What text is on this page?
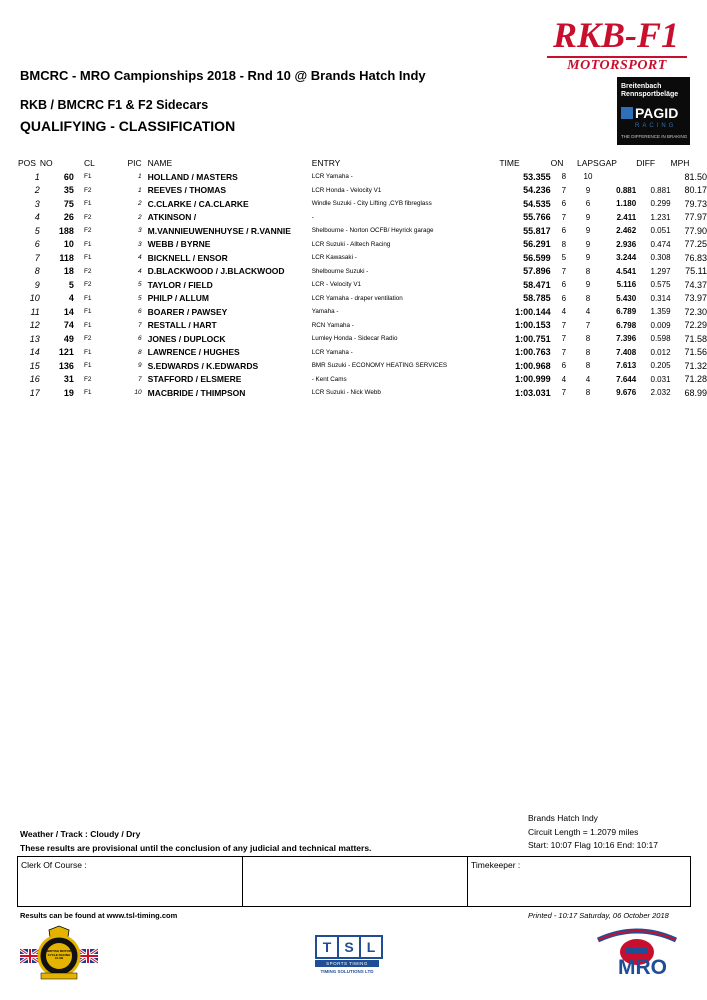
BMCRC - MRO Campionships 2018 - Rnd 10 @ Brands Hatch Indy
RKB / BMCRC F1 & F2 Sidecars
QUALIFYING - CLASSIFICATION
RKB-F1
MOTORSPORT
Breitenbach
Rennsportbeläge
PAGID
RACING
THE DIFFERENCE IN BRAKING
POS	NO	CL	PIC	NAME	ENTRY	TIME	ON	LAPS	GAP	DIFF	MPH
1	60	F1	1	HOLLAND / MASTERS	LCR Yamaha -	53.355	8	10			81.50
2	35	F2	1	REEVES / THOMAS	LCR Honda - Velocity V1	54.236	7	9	0.881	0.881	80.17
3	75	F1	2	C.CLARKE / CA.CLARKE	Windle Suzuki - City Lifting ,CYB fibreglass	54.535	6	6	1.180	0.299	79.73
4	26	F2	2	ATKINSON /	-	55.766	7	9	2.411	1.231	77.97
5	188	F2	3	M.VANNIEUWENHUYSE / R.VANNIE	Shelbourne - Norton OCFB/ Heyrick garage	55.817	6	9	2.462	0.051	77.90
6	10	F1	3	WEBB / BYRNE	LCR Suzuki - Alltech Racing	56.291	8	9	2.936	0.474	77.25
7	118	F1	4	BICKNELL / ENSOR	LCR Kawasaki -	56.599	5	9	3.244	0.308	76.83
8	18	F2	4	D.BLACKWOOD / J.BLACKWOOD	Shelbourne Suzuki -	57.896	7	8	4.541	1.297	75.11
9	5	F2	5	TAYLOR / FIELD	LCR - Velocity V1	58.471	6	9	5.116	0.575	74.37
10	4	F1	5	PHILP / ALLUM	LCR Yamaha - draper ventilation	58.785	6	8	5.430	0.314	73.97
11	14	F1	6	BOARER / PAWSEY	Yamaha -	1:00.144	4	4	6.789	1.359	72.30
12	74	F1	7	RESTALL / HART	RCN Yamaha -	1:00.153	7	7	6.798	0.009	72.29
13	49	F2	6	JONES / DUPLOCK	Lumley Honda - Sidecar Radio	1:00.751	7	8	7.396	0.598	71.58
14	121	F1	8	LAWRENCE / HUGHES	LCR Yamaha -	1:00.763	7	8	7.408	0.012	71.56
15	136	F1	9	S.EDWARDS / K.EDWARDS	BMR Suzuki - ECONOMY HEATING SERVICES	1:00.968	6	8	7.613	0.205	71.32
16	31	F2	7	STAFFORD / ELSMERE	- Kent Cams	1:00.999	4	4	7.644	0.031	71.28
17	19	F1	10	MACBRIDE / THIMPSON	LCR Suzuki - Nick Webb	1:03.031	7	8	9.676	2.032	68.99
Brands Hatch Indy
Circuit Length = 1.2079 miles
Start: 10:07 Flag 10:16 End: 10:17
Weather / Track : Cloudy / Dry
These results are provisional until the conclusion of any judicial and technical matters.
Clerk Of Course :	Timekeeper :
Results can be found at www.tsl-timing.com	Printed - 10:17 Saturday, 06 October 2018
BRITISH MOTOR CYCLE RACING CLUB
T S L
SPORTS TIMING
TIMING SOLUTIONS LTD	MRO
